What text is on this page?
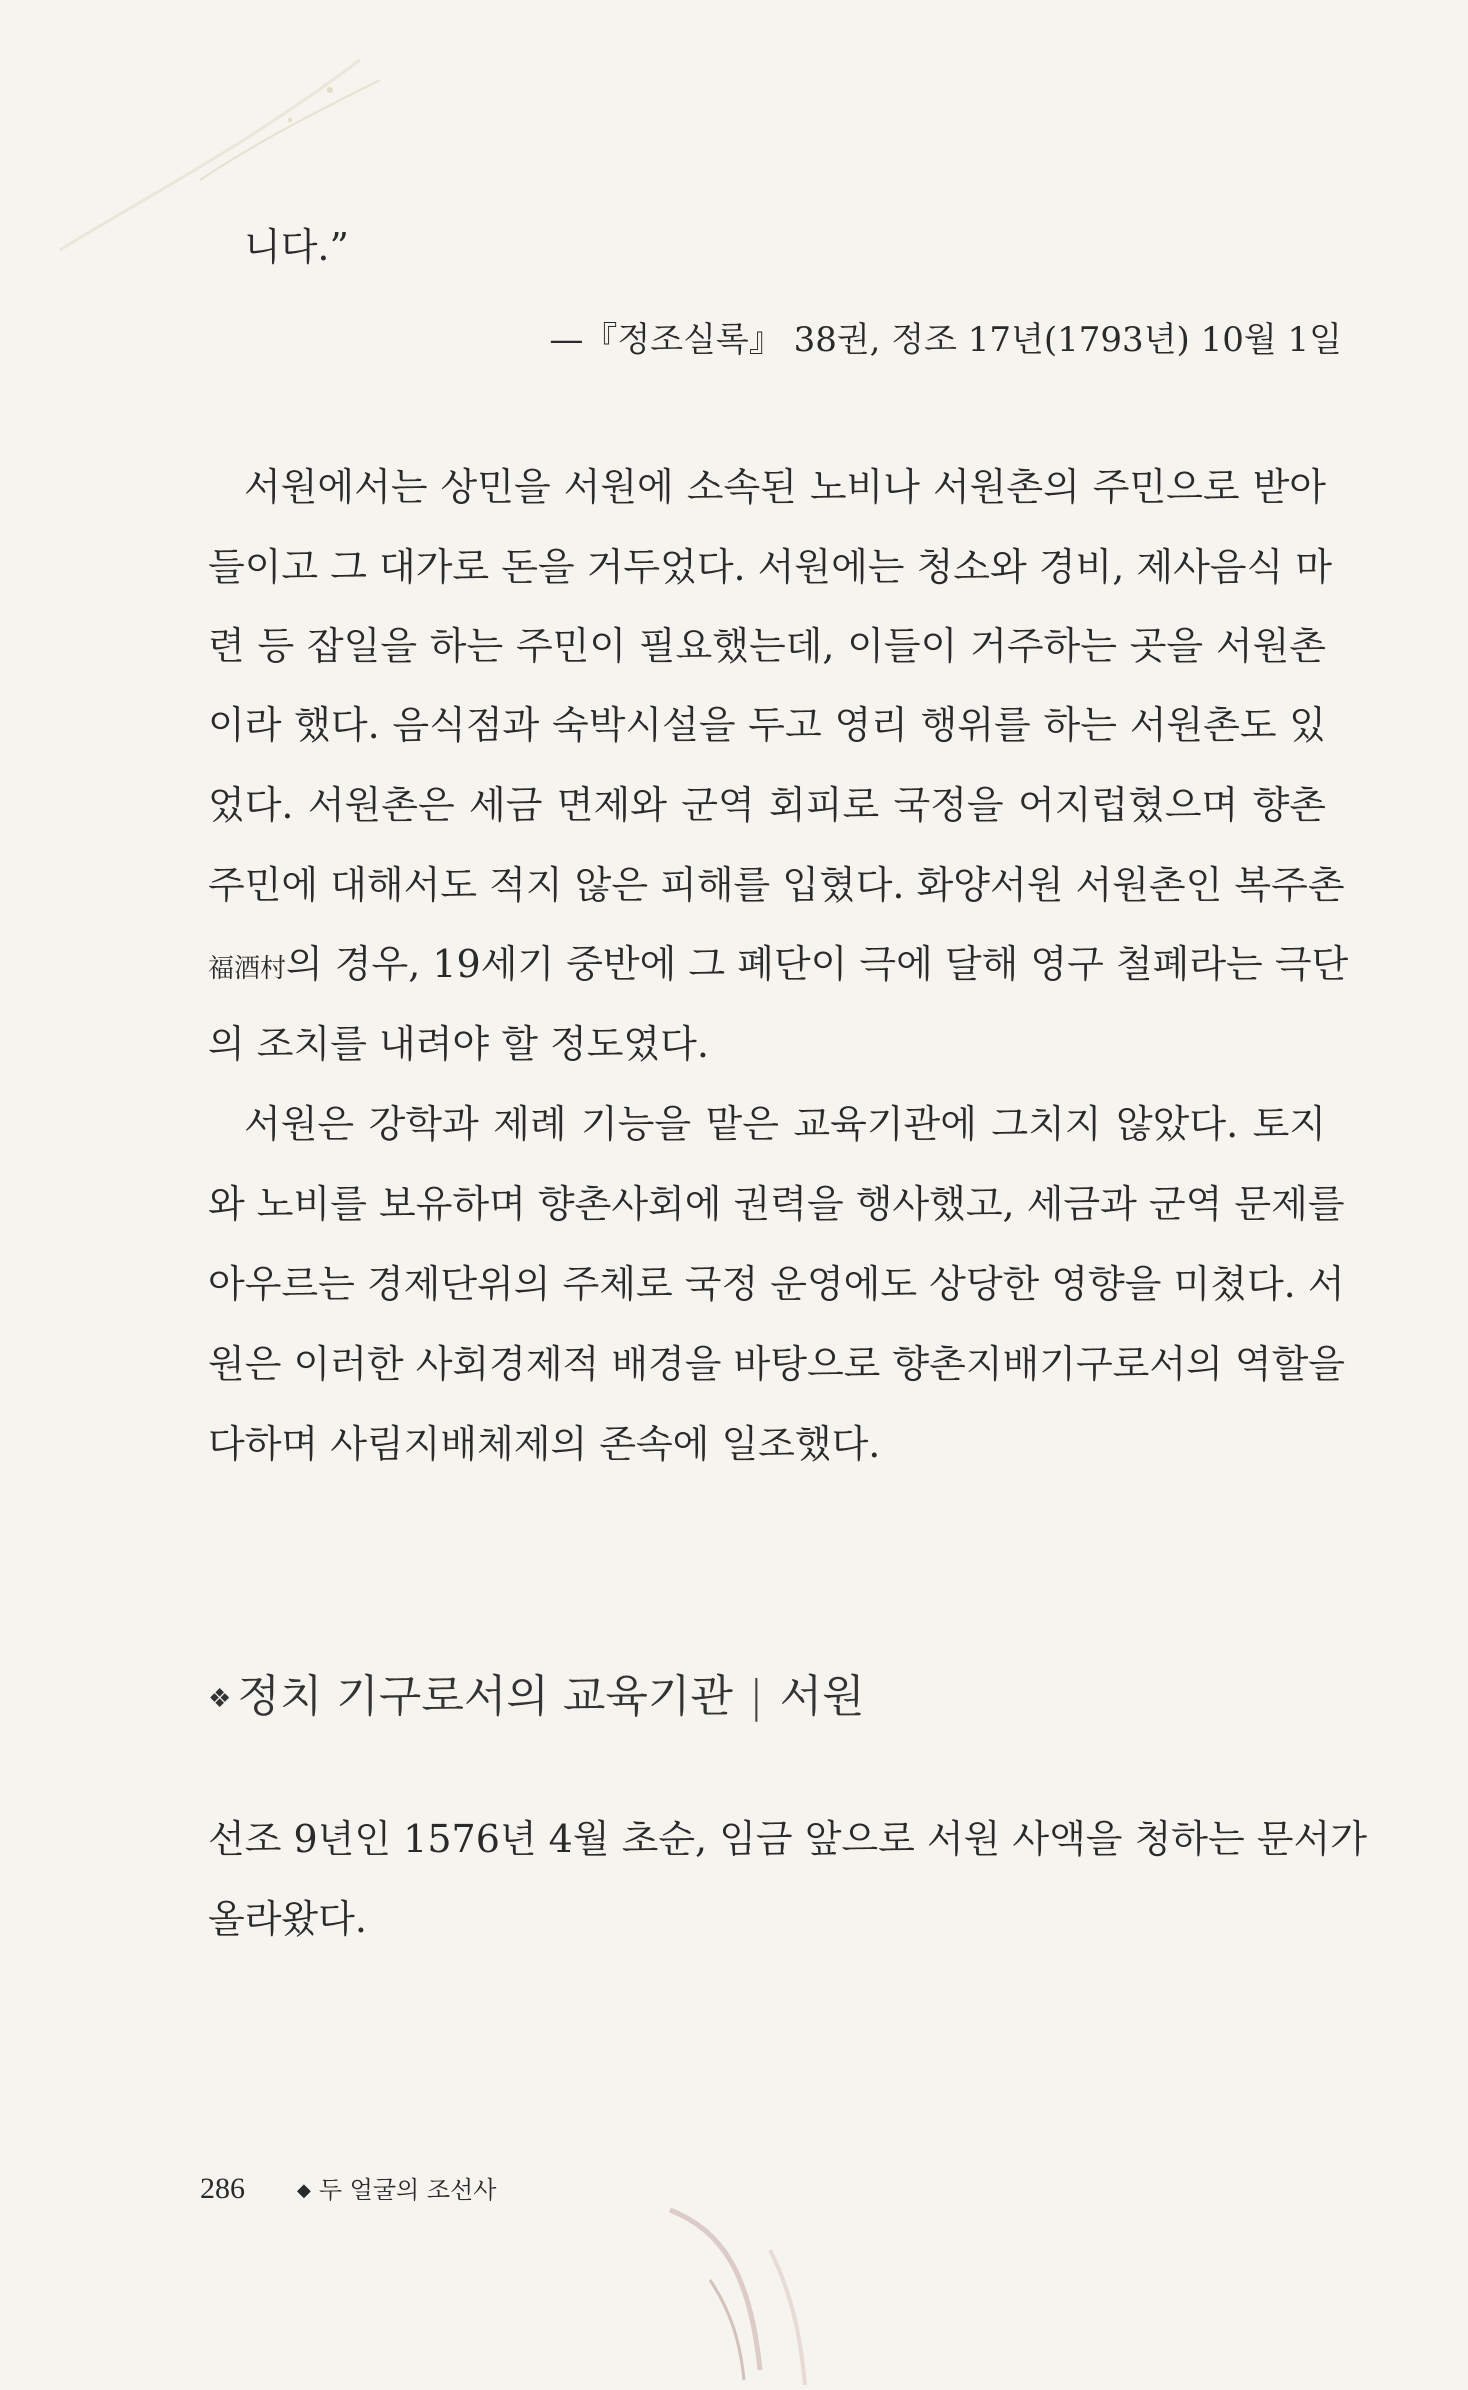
니다.”
—『정조실록』 38권, 정조 17년(1793년) 10월 1일
서원에서는 상민을 서원에 소속된 노비나 서원촌의 주민으로 받아
들이고 그 대가로 돈을 거두었다. 서원에는 청소와 경비, 제사음식 마
련 등 잡일을 하는 주민이 필요했는데, 이들이 거주하는 곳을 서원촌
이라 했다. 음식점과 숙박시설을 두고 영리 행위를 하는 서원촌도 있
었다. 서원촌은 세금 면제와 군역 회피로 국정을 어지럽혔으며 향촌
주민에 대해서도 적지 않은 피해를 입혔다. 화양서원 서원촌인 복주촌
福酒村의 경우, 19세기 중반에 그 폐단이 극에 달해 영구 철폐라는 극단
의 조치를 내려야 할 정도였다.
서원은 강학과 제례 기능을 맡은 교육기관에 그치지 않았다. 토지
와 노비를 보유하며 향촌사회에 권력을 행사했고, 세금과 군역 문제를
아우르는 경제단위의 주체로 국정 운영에도 상당한 영향을 미쳤다. 서
원은 이러한 사회경제적 배경을 바탕으로 향촌지배기구로서의 역할을
다하며 사림지배체제의 존속에 일조했다.
❖ 정치 기구로서의 교육기관 | 서원
선조 9년인 1576년 4월 초순, 임금 앞으로 서원 사액을 청하는 문서가
올라왔다.
286	◆ 두 얼굴의 조선사
